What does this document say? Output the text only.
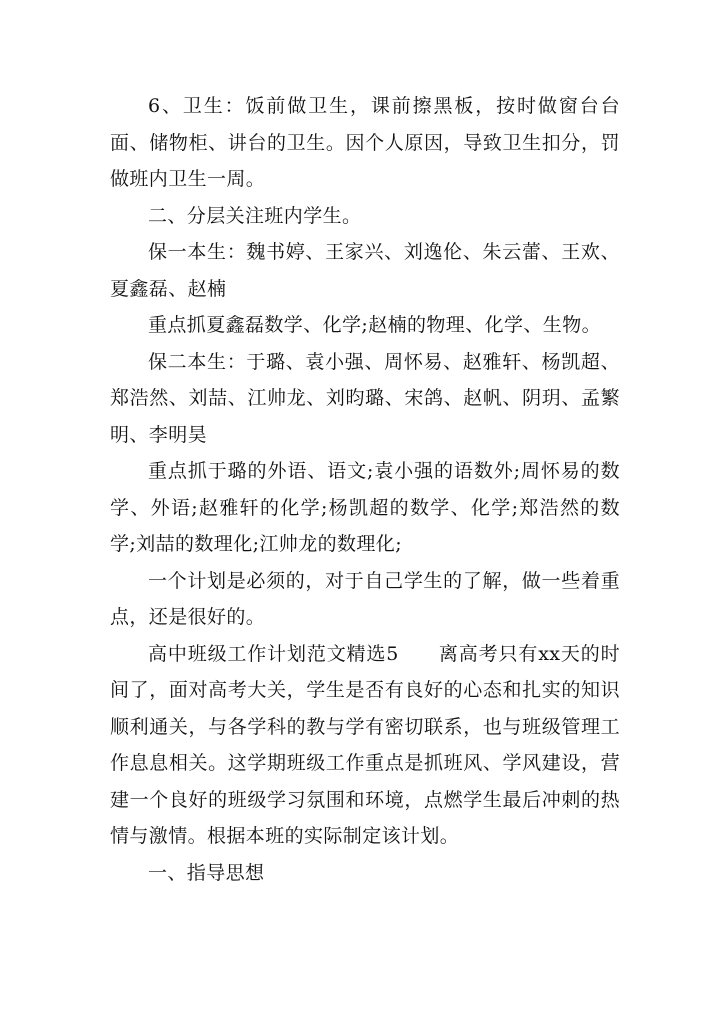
6、卫生：饭前做卫生，课前擦黑板，按时做窗台台面、储物柜、讲台的卫生。因个人原因，导致卫生扣分，罚做班内卫生一周。

二、分层关注班内学生。

保一本生：魏书婷、王家兴、刘逸伦、朱云蕾、王欢、夏鑫磊、赵楠

重点抓夏鑫磊数学、化学;赵楠的物理、化学、生物。

保二本生：于璐、袁小强、周怀易、赵雅轩、杨凯超、郑浩然、刘喆、江帅龙、刘昀璐、宋鸽、赵帆、阴玥、孟繁明、李明昊

重点抓于璐的外语、语文;袁小强的语数外;周怀易的数学、外语;赵雅轩的化学;杨凯超的数学、化学;郑浩然的数学;刘喆的数理化;江帅龙的数理化;

一个计划是必须的，对于自己学生的了解，做一些着重点，还是很好的。

高中班级工作计划范文精选5　　离高考只有xx天的时间了，面对高考大关，学生是否有良好的心态和扎实的知识顺利通关，与各学科的教与学有密切联系，也与班级管理工作息息相关。这学期班级工作重点是抓班风、学风建设，营建一个良好的班级学习氛围和环境，点燃学生最后冲刺的热情与激情。根据本班的实际制定该计划。

一、指导思想
